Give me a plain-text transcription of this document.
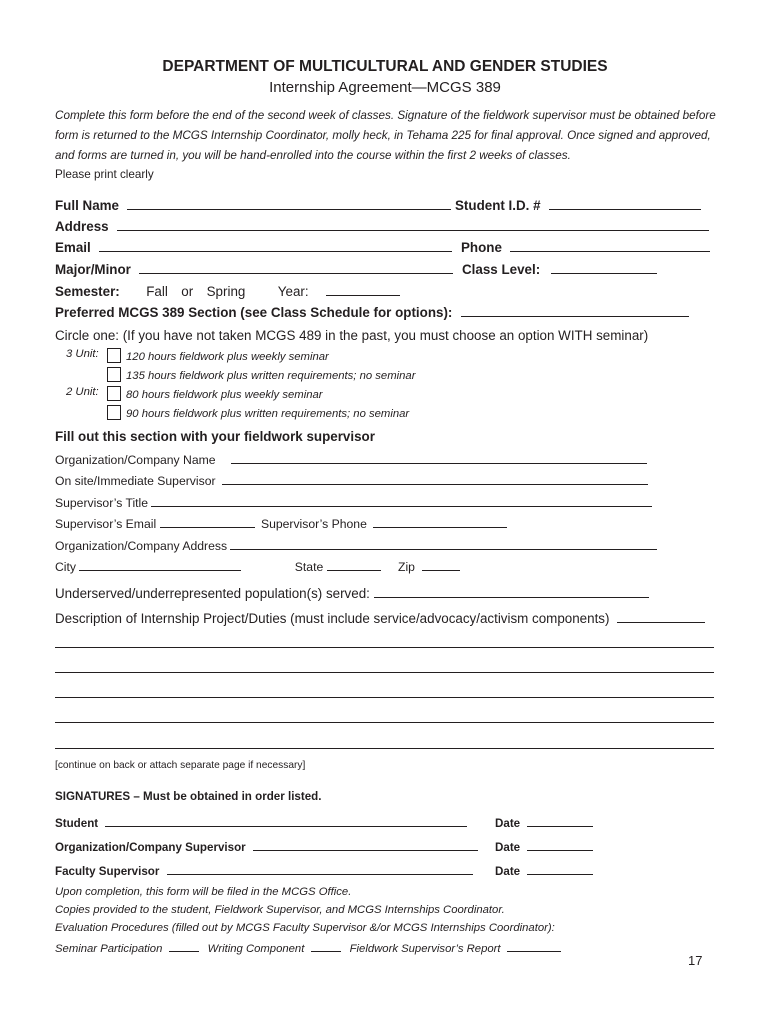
DEPARTMENT OF MULTICULTURAL AND GENDER STUDIES
Internship Agreement—MCGS 389
Complete this form before the end of the second week of classes. Signature of the fieldwork supervisor must be obtained before form is returned to the MCGS Internship Coordinator, molly heck, in Tehama 225 for final approval. Once signed and approved, and forms are turned in, you will be hand-enrolled into the course within the first 2 weeks of classes.
Please print clearly
Full Name	Student I.D. #
Address
Email	Phone
Major/Minor	Class Level:
Semester: Fall or Spring Year:
Preferred MCGS 389 Section (see Class Schedule for options):
Circle one: (If you have not taken MCGS 489 in the past, you must choose an option WITH seminar)
3 Unit:	120 hours fieldwork plus weekly seminar
135 hours fieldwork plus written requirements; no seminar
2 Unit:	80 hours fieldwork plus weekly seminar
90 hours fieldwork plus written requirements; no seminar
Fill out this section with your fieldwork supervisor
Organization/Company Name
On site/Immediate Supervisor
Supervisor’s Title
Supervisor’s Email	Supervisor’s Phone
Organization/Company Address
City	State	Zip
Underserved/underrepresented population(s) served:
Description of Internship Project/Duties (must include service/advocacy/activism components)
[continue on back or attach separate page if necessary]
SIGNATURES – Must be obtained in order listed.
Student	Date
Organization/Company Supervisor	Date
Faculty Supervisor	Date
Upon completion, this form will be filed in the MCGS Office.
Copies provided to the student, Fieldwork Supervisor, and MCGS Internships Coordinator.
Evaluation Procedures (filled out by MCGS Faculty Supervisor &/or MCGS Internships Coordinator):
Seminar Participation	Writing Component	Fieldwork Supervisor’s Report
17
